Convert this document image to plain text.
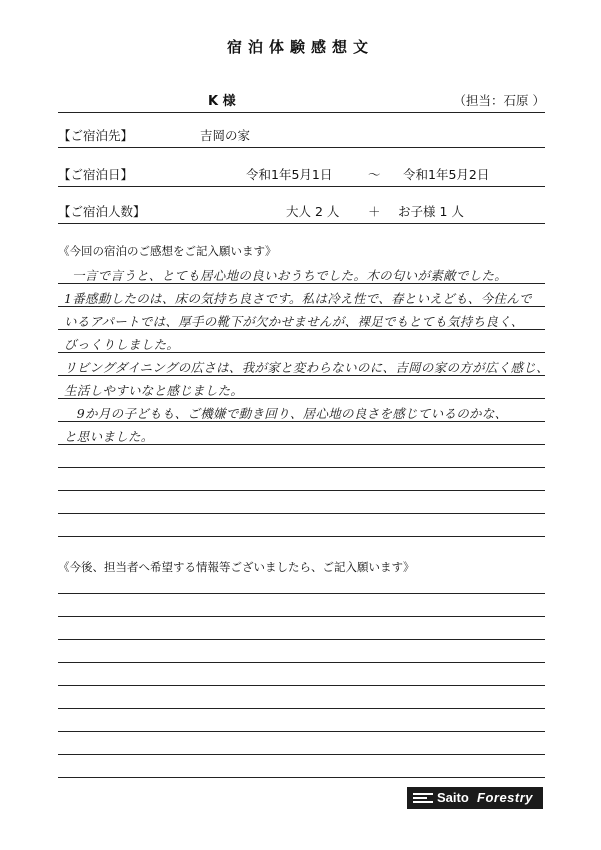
宿泊体験感想文
K 様	（担当：石原 ）
【ご宿泊先】	吉岡の家
【ご宿泊日】	令和1年5月1日	～ 令和1年5月2日
【ご宿泊人数】	大人 2 人 ＋ お子様 1 人
《今回の宿泊のご感想をご記入願います》
一言で言うと、とても居心地の良いおうちでした。木の匂いが素敵でした。
1番感動したのは、床の気持ち良さです。私は冷え性で、春といえども、今住んで
いるアパートでは、厚手の靴下が欠かせませんが、裸足でもとても気持ち良く、
びっくりしました。
リビングダイニングの広さは、我が家と変わらないのに、吉岡の家の方が広く感じ、
生活しやすいなと感じました。
　9か月の子どもも、ご機嫌で動き回り、居心地の良さを感じているのかな、
と思いました。
《今後、担当者へ希望する情報等ございましたら、ご記入願います》
Saito Forestry
